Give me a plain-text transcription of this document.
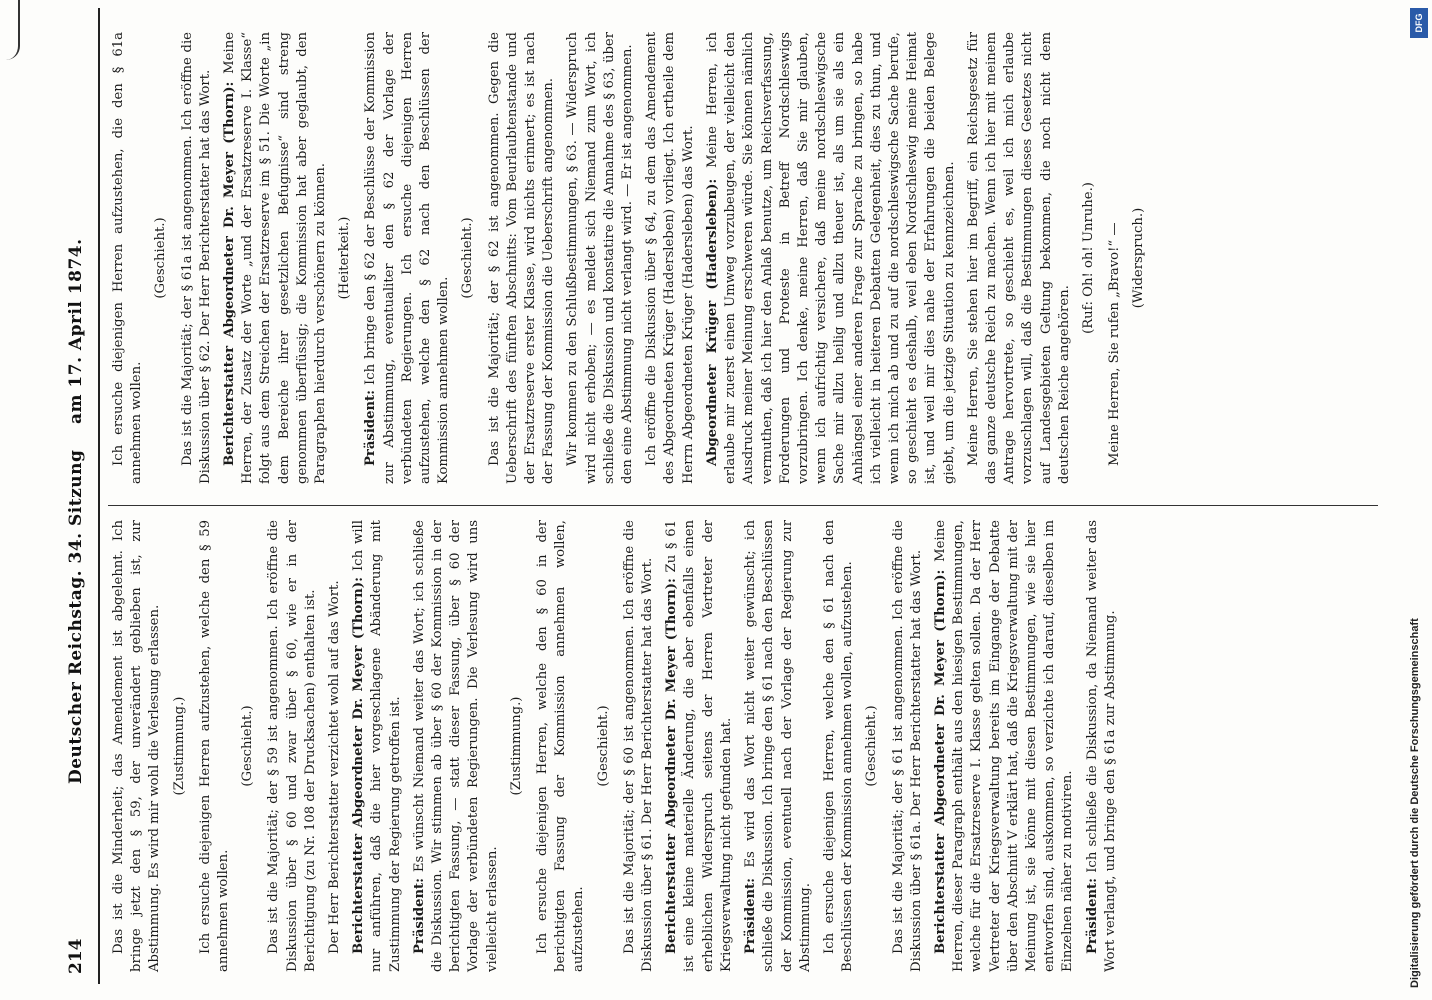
214
Deutscher Reichstag. 34. Sitzung
am 17. April 1874.

Das ist die Minderheit; das Amendement ist abgelehnt. Ich bringe jetzt den § 59, der unverändert geblieben ist, zur Abstimmung. Es wird mir wohl die Verlesung erlassen. (Zustimmung.) Ich ersuche diejenigen Herren aufzustehen, welche den § 59 annehmen wollen.

(Geschieht.) Das ist die Majorität; der § 59 ist angenommen. Ich eröffne die Diskussion über § 60 und zwar über § 60, wie er in der Berichtigung (zu Nr. 108 der Drucksachen) enthalten ist. Der Herr Berichterstatter verzichtet wohl auf das Wort. Berichterstatter Abgeordneter Dr. Meyer (Thorn): Ich will nur anführen, daß die hier vorgeschlagene Abänderung mit Zustimmung der Regierung getroffen ist. Präsident: Es wünscht Niemand weiter das Wort; ich schließe die Diskussion. Wir stimmen ab über § 60 der Kommission in der berichtigten Fassung, — statt dieser Fassung, über § 60 der Vorlage der verbündeten Regierungen. Die Verlesung wird uns vielleicht erlassen.

(Zustimmung.) Ich ersuche diejenigen Herren, welche den § 60 in der berichtigten Fassung der Kommission annehmen wollen, aufzustehen.

(Geschieht.) Das ist die Majorität; der § 60 ist angenommen. Ich eröffne die Diskussion über § 61. Der Herr Berichterstatter hat das Wort. Berichterstatter Abgeordneter Dr. Meyer (Thorn): Zu § 61 ist eine kleine materielle Änderung, die aber ebenfalls einen erheblichen Widerspruch seitens der Herren Vertreter der Kriegsverwaltung nicht gefunden hat. Präsident: Es wird das Wort nicht weiter gewünscht; ich schließe die Diskussion. Ich bringe den § 61 nach den Beschlüssen der Kommission, eventuell nach der Vorlage der Regierung zur Abstimmung. Ich ersuche diejenigen Herren, welche den § 61 nach den Beschlüssen der Kommission annehmen wollen, aufzustehen. (Geschieht.) Das ist die Majorität; der § 61 ist angenommen. Ich eröffne die Diskussion über § 61a. Der Herr Berichterstatter hat das Wort. Berichterstatter Abgeordneter Dr. Meyer (Thorn): Meine Herren, dieser Paragraph enthält aus den hiesigen Bestimmungen, welche für die Ersatzreserve I. Klasse gelten sollen. Da der Herr Vertreter der Kriegsverwaltung bereits im Eingange der Debatte über den Abschnitt V erklärt hat, daß die Kriegsverwaltung mit der Meinung ist, sie könne mit diesen Bestimmungen, wie sie hier entworfen sind, auskommen, so verzichte ich darauf, dieselben im Einzelnen näher zu motiviren. Präsident: Ich schließe die Diskussion, da Niemand weiter das Wort verlangt, und bringe den § 61a zur Abstimmung.

Ich ersuche diejenigen Herren aufzustehen, die den § 61a annehmen wollen.

(Geschieht.) Das ist die Majorität; der § 61a ist angenommen. Ich eröffne die Diskussion über § 62. Der Herr Berichterstatter hat das Wort. Berichterstatter Abgeordneter Dr. Meyer (Thorn): Meine Herren, der Zusatz der Worte „und der Ersatzreserve I. Klasse“ folgt aus dem Streichen der Ersatzreserve im § 51. Die Worte „in dem Bereiche ihrer gesetzlichen Befugnisse“ sind streng genommen überflüssig; die Kommission hat aber geglaubt, den Paragraphen hierdurch verschönern zu können. (Heiterkeit.)

Präsident: Ich bringe den § 62 der Beschlüsse der Kommission zur Abstimmung, eventualiter den § 62 der Vorlage der verbündeten Regierungen. Ich ersuche diejenigen Herren aufzustehen, welche den § 62 nach den Beschlüssen der Kommission annehmen wollen.

(Geschieht.) Das ist die Majorität; der § 62 ist angenommen. Gegen die Ueberschrift des fünften Abschnitts: Vom Beurlaubtenstande und der Ersatzreserve erster Klasse, wird nichts erinnert; es ist nach der Fassung der Kommission die Ueberschrift angenommen. Wir kommen zu den Schlußbestimmungen, § 63. — Widerspruch wird nicht erhoben; — es meldet sich Niemand zum Wort, ich schließe die Diskussion und konstatire die Annahme des § 63, über den eine Abstimmung nicht verlangt wird. — Er ist angenommen. Ich eröffne die Diskussion über § 64, zu dem das Amendement des Abgeordneten Krüger (Hadersleben) vorliegt. Ich ertheile dem Herrn Abgeordneten Krüger (Hadersleben) das Wort. Abgeordneter Krüger (Hadersleben): Meine Herren, ich erlaube mir zuerst einen Umweg vorzubeugen, der vielleicht den Ausdruck meiner Meinung erschweren würde. Sie können nämlich vermuthen, daß ich hier den Anlaß benutze, um Reichsverfassung, Forderungen und Proteste in Betreff Nordschleswigs vorzubringen. Ich denke, meine Herren, daß Sie mir glauben, wenn ich aufrichtig versichere, daß meine nordschleswigsche Sache mir allzu heilig und allzu theuer ist, als um sie als ein Anhängsel einer anderen Frage zur Sprache zu bringen, so habe ich vielleicht in heiteren Debatten Gelegenheit, dies zu thun, und wenn ich mich ab und zu auf die nordschleswigsche Sache berufe, so geschieht es deshalb, weil eben Nordschleswig meine Heimat ist, und weil mir dies nahe der Erfahrungen die beiden Belege giebt, um die jetzige Situation zu kennzeichnen. Meine Herren, Sie stehen hier im Begriff, ein Reichsgesetz für das ganze deutsche Reich zu machen. Wenn ich hier mit meinem Antrage hervortrete, so geschieht es, weil ich mich erlaube vorzuschlagen will, daß die Bestimmungen dieses Gesetzes nicht auf Landesgebieten Geltung bekommen, die noch nicht dem deutschen Reiche angehören.

(Ruf: Oh! oh! Unruhe.) Meine Herren, Sie rufen „Bravo!“ — (Widerspruch.)

Digitalisierung gefördert durch die Deutsche Forschungsgemeinschaft
DFG
